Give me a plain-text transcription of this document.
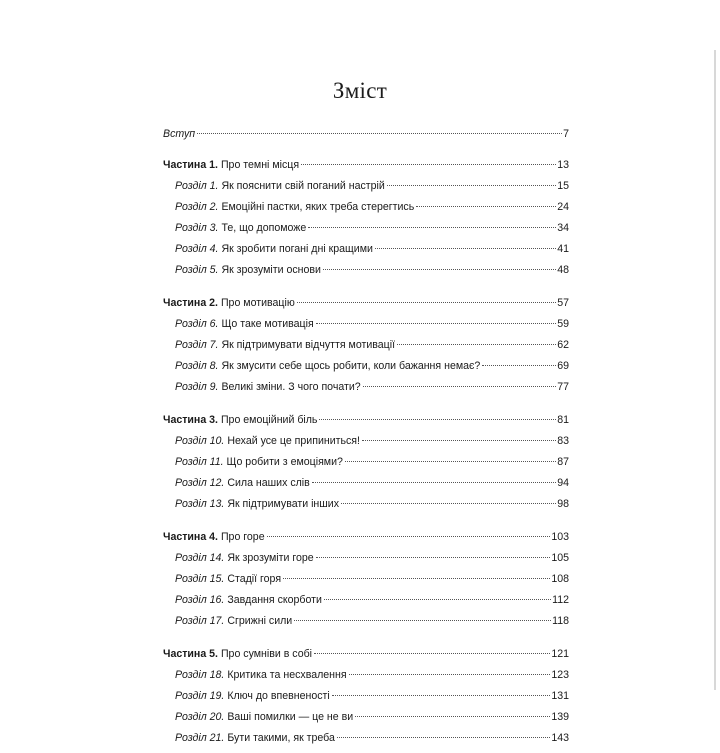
Зміст
Вступ	7
Частина 1. Про темні місця	13
Розділ 1. Як пояснити свій поганий настрій	15
Розділ 2. Емоційні пастки, яких треба стерегтись	24
Розділ 3. Те, що допоможе	34
Розділ 4. Як зробити погані дні кращими	41
Розділ 5. Як зрозуміти основи	48
Частина 2. Про мотивацію	57
Розділ 6. Що таке мотивація	59
Розділ 7. Як підтримувати відчуття мотивації	62
Розділ 8. Як змусити себе щось робити, коли бажання немає?	69
Розділ 9. Великі зміни. З чого почати?	77
Частина 3. Про емоційний біль	81
Розділ 10. Нехай усе це припиниться!	83
Розділ 11. Що робити з емоціями?	87
Розділ 12. Сила наших слів	94
Розділ 13. Як підтримувати інших	98
Частина 4. Про горе	103
Розділ 14. Як зрозуміти горе	105
Розділ 15. Стадії горя	108
Розділ 16. Завдання скорботи	112
Розділ 17. Сгрижні сили	118
Частина 5. Про сумніви в собі	121
Розділ 18. Критика та несхвалення	123
Розділ 19. Ключ до впевненості	131
Розділ 20. Ваші помилки — це не ви	139
Розділ 21. Бути такими, як треба	143
